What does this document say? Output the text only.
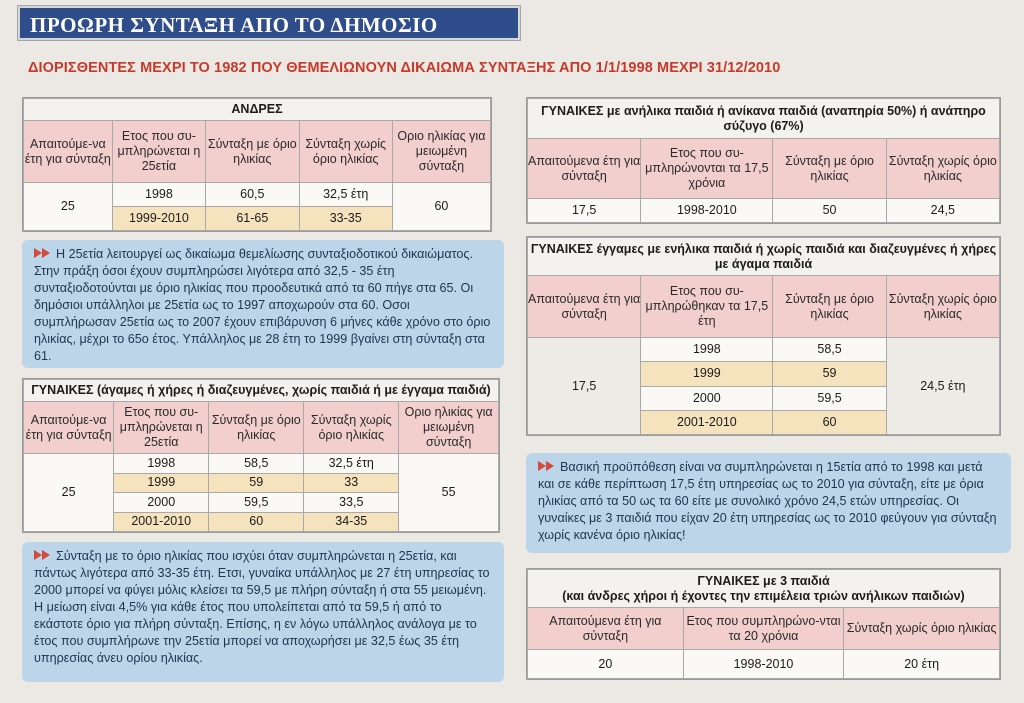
ΠΡΟΩΡΗ ΣΥΝΤΑΞΗ ΑΠΟ ΤΟ ΔΗΜΟΣΙΟ
ΔΙΟΡΙΣΘΕΝΤΕΣ ΜΕΧΡΙ ΤΟ 1982 ΠΟΥ ΘΕΜΕΛΙΩΝΟΥΝ ΔΙΚΑΙΩΜΑ ΣΥΝΤΑΞΗΣ ΑΠΟ 1/1/1998 ΜΕΧΡΙ 31/12/2010
ΑΝΔΡΕΣ				
Απαιτούμε-να έτη για σύνταξη	Ετος που συ-μπληρώνεται η 25ετία	Σύνταξη με όριο ηλικίας	Σύνταξη χωρίς όριο ηλικίας	Οριο ηλικίας για μειωμένη σύνταξη
25	1998	60,5	32,5 έτη	60
	1999-2010	61-65	33-35	
Η 25ετία λειτουργεί ως δικαίωμα θεμελίωσης συνταξιοδοτικού δικαιώματος. Στην πράξη όσοι έχουν συμπληρώσει λιγότερα από 32,5 - 35 έτη συνταξιοδοτούνται με όριο ηλικίας που προοδευτικά από τα 60 πήγε στα 65. Οι δημόσιοι υπάλληλοι με 25ετία ως το 1997 αποχωρούν στα 60. Οσοι συμπλήρωσαν 25ετία ως το 2007 έχουν επιβάρυνση 6 μήνες κάθε χρόνο στο όριο ηλικίας, μέχρι το 65ο έτος. Υπάλληλος με 28 έτη το 1999 βγαίνει στη σύνταξη στα 61.
ΓΥΝΑΙΚΕΣ (άγαμες ή χήρες ή διαζευγμένες, χωρίς παιδιά ή με έγγαμα παιδιά)				
Απαιτούμε-να έτη για σύνταξη	Ετος που συ-μπληρώνεται η 25ετία	Σύνταξη με όριο ηλικίας	Σύνταξη χωρίς όριο ηλικίας	Οριο ηλικίας για μειωμένη σύνταξη
25	1998	58,5	32,5 έτη	55
	1999	59	33	
	2000	59,5	33,5	
	2001-2010	60	34-35	
Σύνταξη με το όριο ηλικίας που ισχύει όταν συμπληρώνεται η 25ετία, και πάντως λιγότερα από 33-35 έτη. Ετσι, γυναίκα υπάλληλος με 27 έτη υπηρεσίας το 2000 μπορεί να φύγει μόλις κλείσει τα 59,5 με πλήρη σύνταξη ή στα 55 μειωμένη. Η μείωση είναι 4,5% για κάθε έτος που υπολείπεται από τα 59,5 ή από το εκάστοτε όριο για πλήρη σύνταξη. Επίσης, η εν λόγω υπάλληλος ανάλογα με το έτος που συμπλήρωνε την 25ετία μπορεί να αποχωρήσει με 32,5 έως 35 έτη υπηρεσίας άνευ ορίου ηλικίας.
ΓΥΝΑΙΚΕΣ με ανήλικα παιδιά ή ανίκανα παιδιά (αναπηρία 50%) ή ανάπηρο σύζυγο (67%)			
Απαιτούμενα έτη για σύνταξη	Ετος που συ-μπληρώνονται τα 17,5 χρόνια	Σύνταξη με όριο ηλικίας	Σύνταξη χωρίς όριο ηλικίας
17,5	1998-2010	50	24,5
ΓΥΝΑΙΚΕΣ έγγαμες με ενήλικα παιδιά ή χωρίς παιδιά και διαζευγμένες ή χήρες με άγαμα παιδιά			
Απαιτούμενα έτη για σύνταξη	Ετος που συ-μπληρώθηκαν τα 17,5 έτη	Σύνταξη με όριο ηλικίας	Σύνταξη χωρίς όριο ηλικίας
17,5	1998	58,5	24,5 έτη
	1999	59	
	2000	59,5	
	2001-2010	60	
Βασική προϋπόθεση είναι να συμπληρώνεται η 15ετία από το 1998 και μετά και σε κάθε περίπτωση 17,5 έτη υπηρεσίας ως το 2010 για σύνταξη, είτε με όρια ηλικίας από τα 50 ως τα 60 είτε με συνολικό χρόνο 24,5 ετών υπηρεσίας. Οι γυναίκες με 3 παιδιά που είχαν 20 έτη υπηρεσίας ως το 2010 φεύγουν για σύνταξη χωρίς κανένα όριο ηλικίας!
ΓΥΝΑΙΚΕΣ με 3 παιδιά
(και άνδρες χήροι ή έχοντες την επιμέλεια τριών ανήλικων παιδιών)		

Απαιτούμενα έτη για σύνταξη	Ετος που συμπληρώνο-νται τα 20 χρόνια	Σύνταξη χωρίς όριο ηλικίας
20	1998-2010	20 έτη
